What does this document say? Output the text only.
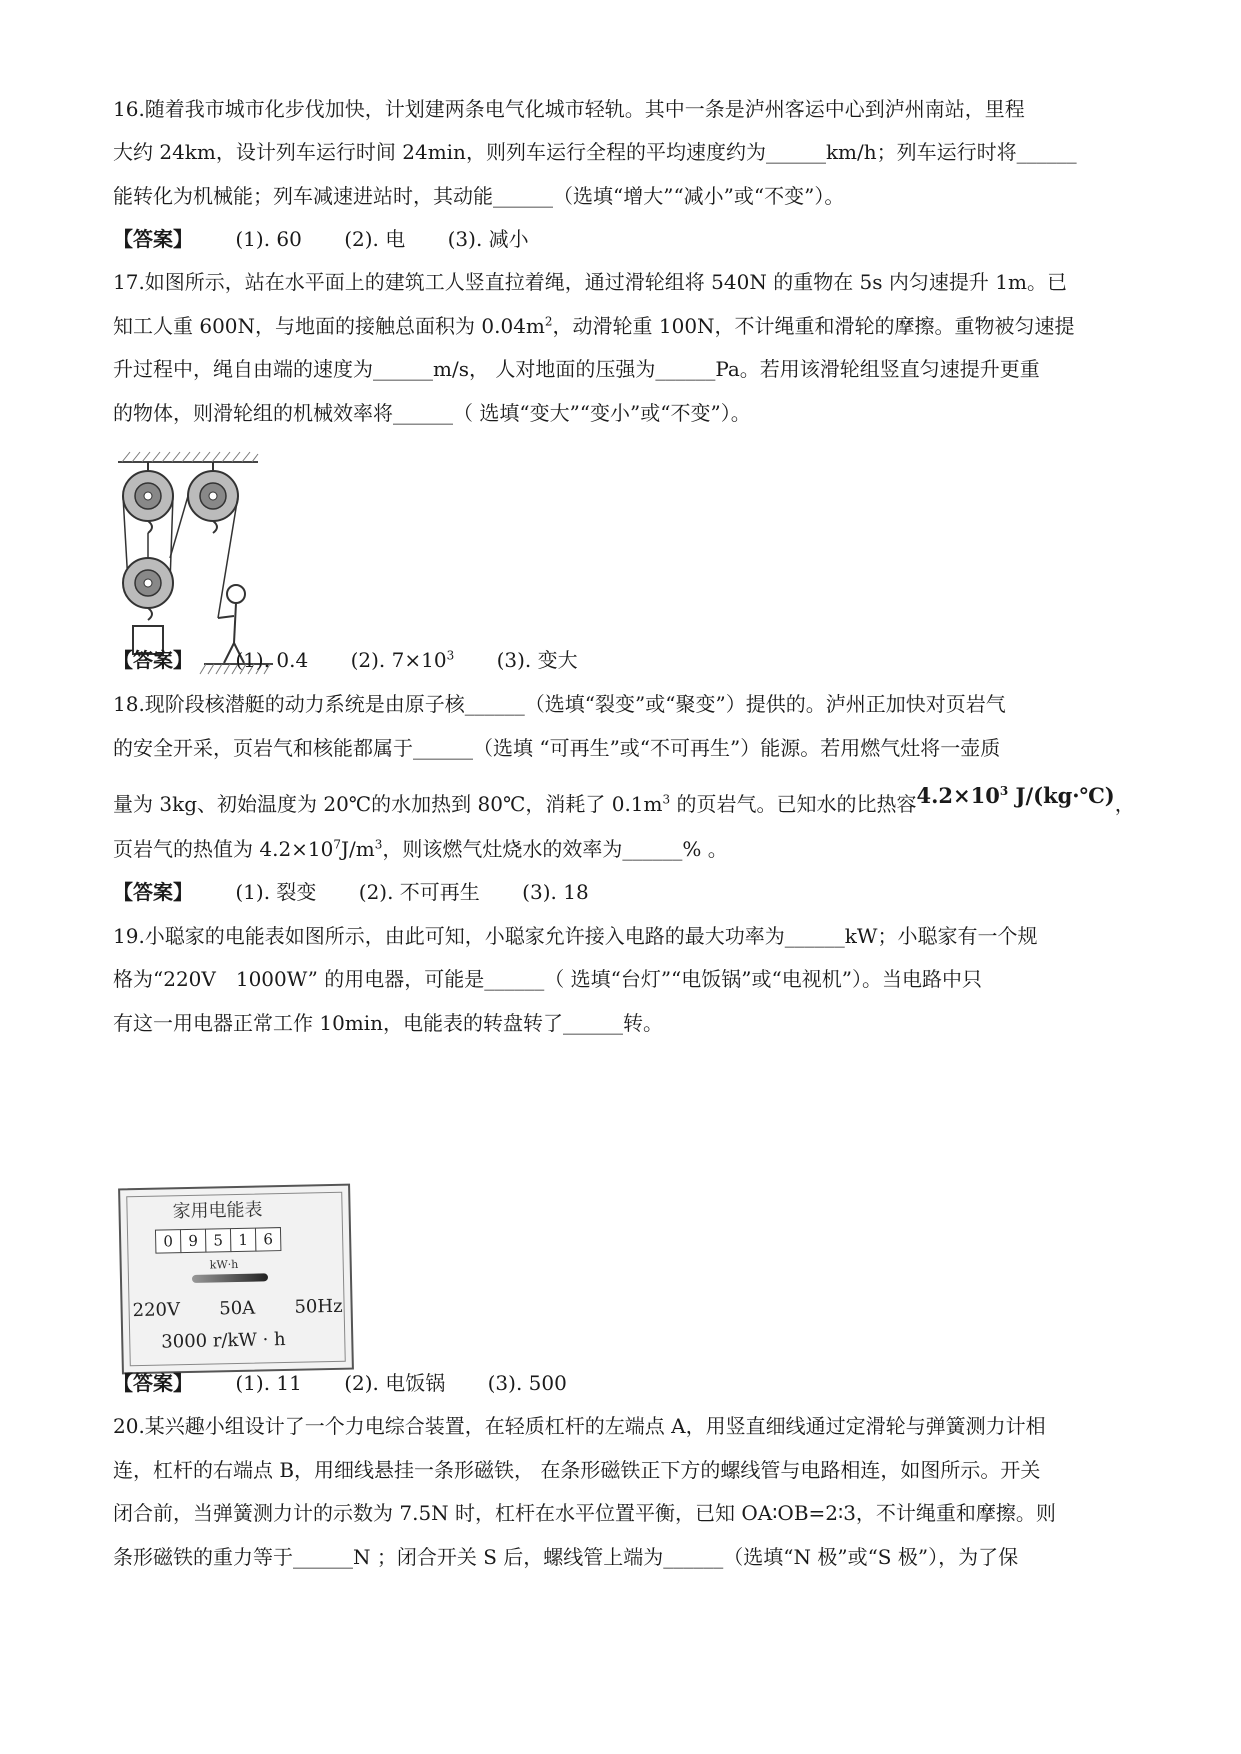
16.随着我市城市化步伐加快，计划建两条电气化城市轻轨。其中一条是泸州客运中心到泸州南站，里程
大约 24km，设计列车运行时间 24min，则列车运行全程的平均速度约为______km/h；列车运行时将______
能转化为机械能；列车减速进站时，其动能______（选填“增大”“减小”或“不变”）。
【答案】 (1). 60 (2). 电 (3). 减小
17.如图所示，站在水平面上的建筑工人竖直拉着绳，通过滑轮组将 540N 的重物在 5s 内匀速提升 1m。已
知工人重 600N，与地面的接触总面积为 $0.04m^2$，动滑轮重 100N，不计绳重和滑轮的摩擦。重物被匀速提
升过程中，绳自由端的速度为______m/s， 人对地面的压强为______Pa。若用该滑轮组竖直匀速提升更重
的物体，则滑轮组的机械效率将______（ 选填“变大”“变小”或“不变”）。
【答案】 (1). 0.4 (2). $7\times 10^3$ (3). 变大
18.现阶段核潜艇的动力系统是由原子核______（选填“裂变”或“聚变”）提供的。泸州正加快对页岩气
的安全开采，页岩气和核能都属于______（选填 “可再生”或“不可再生”）能源。若用燃气灶将一壶质
量为 3kg、初始温度为 20℃的水加热到 80℃，消耗了 $0.1m^3$ 的页岩气。已知水的比热容$4.2\times 10^3$ J/(kg·℃)，
页岩气的热值为 $4.2\times 10^7J/m^3$，则该燃气灶烧水的效率为______% 。
【答案】 (1). 裂变 (2). 不可再生 (3). 18
19.小聪家的电能表如图所示，由此可知，小聪家允许接入电路的最大功率为______kW；小聪家有一个规
格为“220V　1000W” 的用电器，可能是______（ 选填“台灯”“电饭锅”或“电视机”）。当电路中只
有这一用电器正常工作 10min，电能表的转盘转了______转。
家用电能表
0	9	5	1	6
kW·h
220V 50A 50Hz
3000 r/kW · h
【答案】 (1). 11 (2). 电饭锅 (3). 500
20.某兴趣小组设计了一个力电综合装置，在轻质杠杆的左端点 A，用竖直细线通过定滑轮与弹簧测力计相
连，杠杆的右端点 B，用细线悬挂一条形磁铁， 在条形磁铁正下方的螺线管与电路相连，如图所示。开关
闭合前，当弹簧测力计的示数为 7.5N 时，杠杆在水平位置平衡，已知 OA∶OB=2∶3，不计绳重和摩擦。则
条形磁铁的重力等于______N ；闭合开关 S 后，螺线管上端为______（选填“N 极”或“S 极”），为了保
